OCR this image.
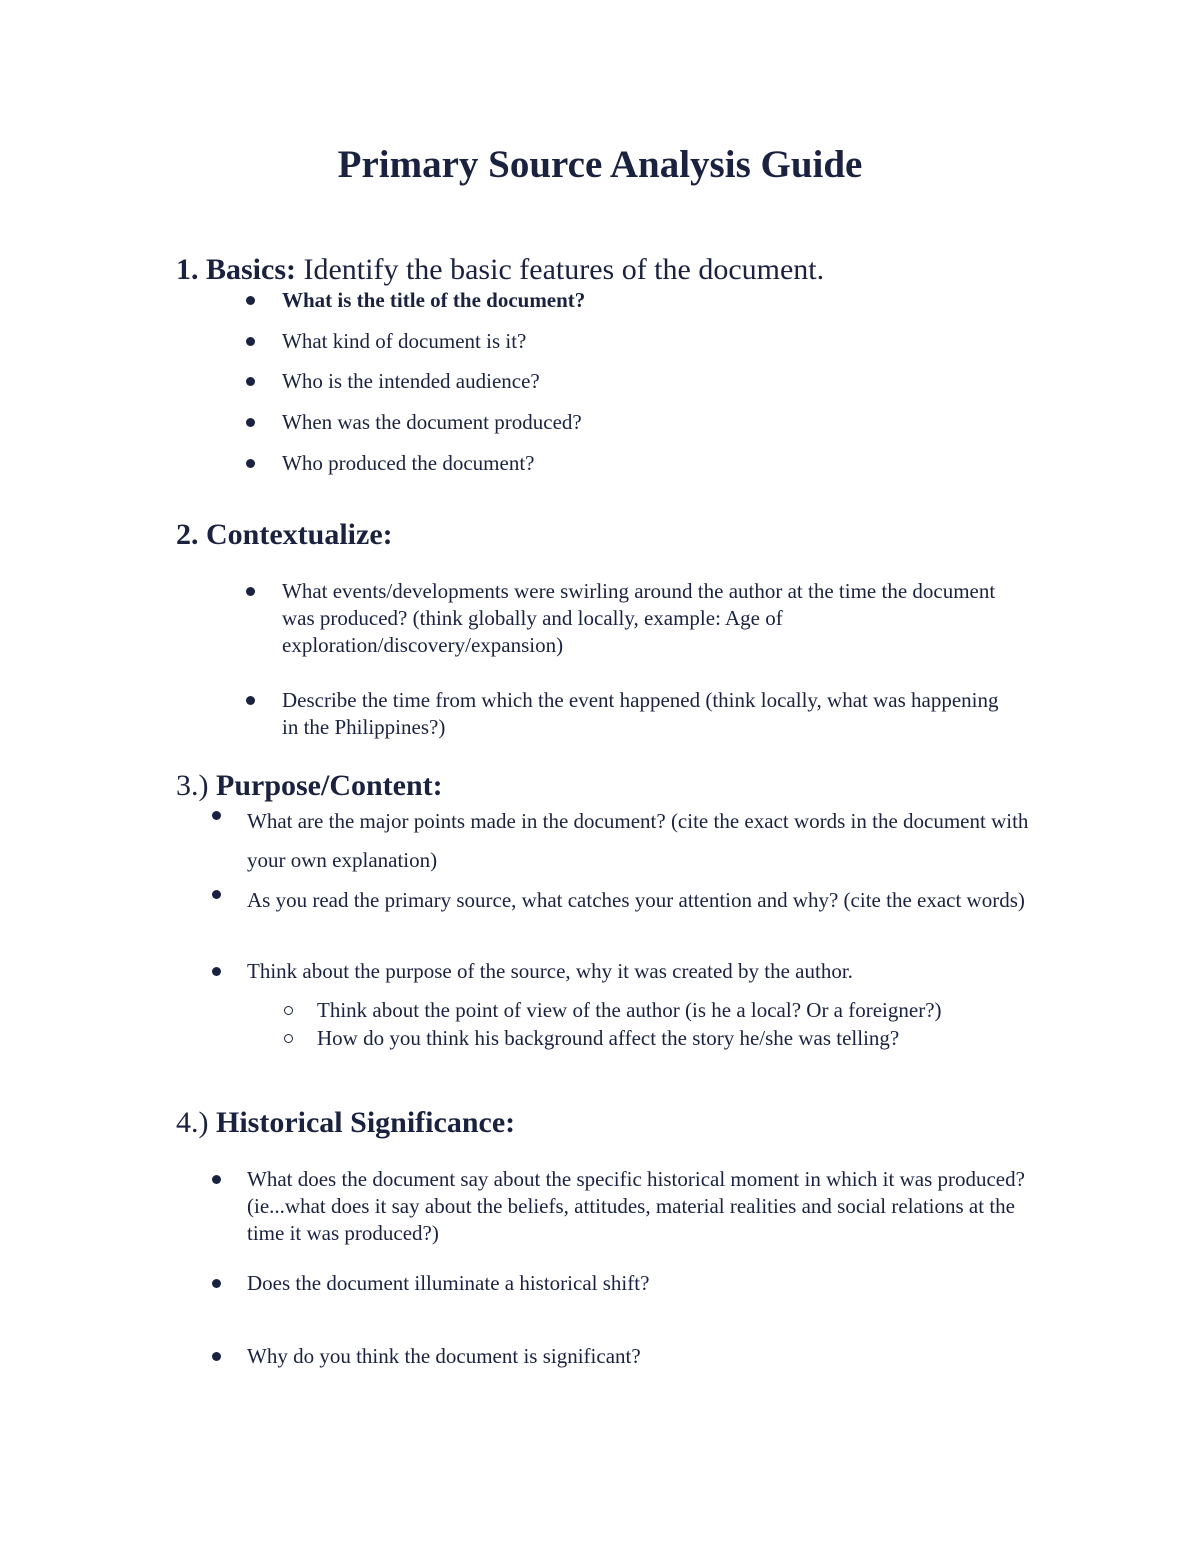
Primary Source Analysis Guide
1. Basics: Identify the basic features of the document.
What is the title of the document?
What kind of document is it?
Who is the intended audience?
When was the document produced?
Who produced the document?
2. Contextualize:
What events/developments were swirling around the author at the time the document was produced? (think globally and locally, example: Age of exploration/discovery/expansion)
Describe the time from which the event happened (think locally, what was happening in the Philippines?)
3.) Purpose/Content:
What are the major points made in the document? (cite the exact words in the document with your own explanation)
As you read the primary source, what catches your attention and why? (cite the exact words)
Think about the purpose of the source, why it was created by the author.
Think about the point of view of the author (is he a local? Or a foreigner?)
How do you think his background affect the story he/she was telling?
4.) Historical Significance:
What does the document say about the specific historical moment in which it was produced? (ie...what does it say about the beliefs, attitudes, material realities and social relations at the time it was produced?)
Does the document illuminate a historical shift?
Why do you think the document is significant?
